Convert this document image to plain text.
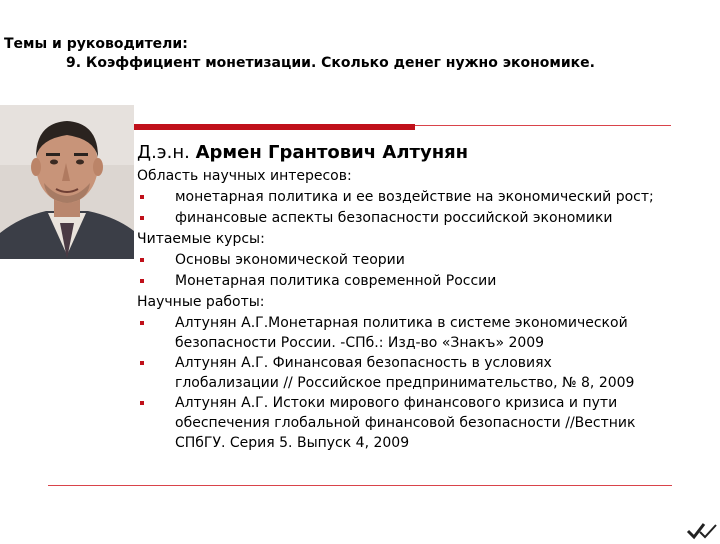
Темы и руководители:
9. Коэффициент монетизации. Сколько денег нужно экономике.
Д.э.н. Армен Грантович Алтунян
Область научных интересов:
монетарная политика и ее воздействие на экономический рост;
финансовые аспекты безопасности российской экономики
Читаемые курсы:
Основы экономической теории
Монетарная политика современной России
Научные работы:
Алтунян А.Г.Монетарная политика в системе экономической
безопасности России. -СПб.: Изд-во «Знакъ» 2009
Алтунян А.Г. Финансовая безопасность в условиях
глобализации // Российское предпринимательство, № 8, 2009
Алтунян А.Г. Истоки мирового финансового кризиса и пути
обеспечения глобальной финансовой безопасности //Вестник
СПбГУ. Серия 5. Выпуск 4, 2009
